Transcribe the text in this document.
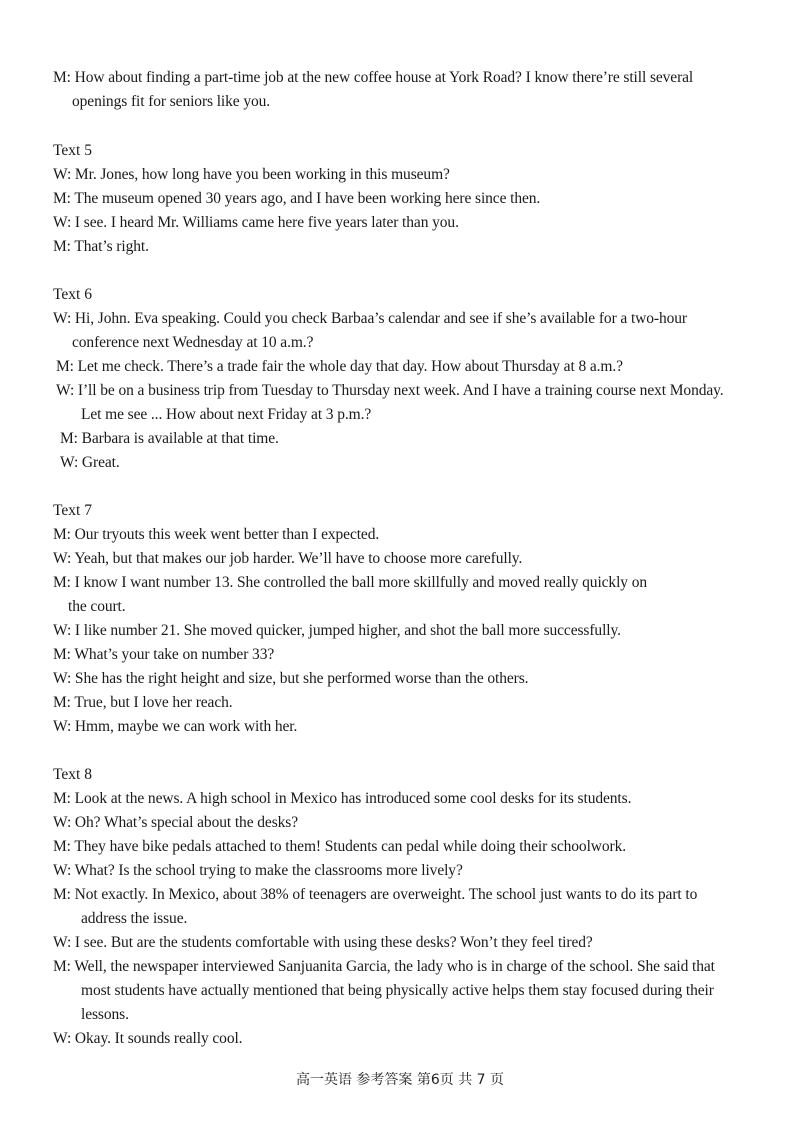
M: How about finding a part-time job at the new coffee house at York Road? I know there’re still several
openings fit for seniors like you.
Text 5
W: Mr. Jones, how long have you been working in this museum?
M: The museum opened 30 years ago, and I have been working here since then.
W: I see. I heard Mr. Williams came here five years later than you.
M: That’s right.
Text 6
W: Hi, John. Eva speaking. Could you check Barbaa’s calendar and see if she’s available for a two-hour
conference next Wednesday at 10 a.m.?
M: Let me check. There’s a trade fair the whole day that day. How about Thursday at 8 a.m.?
W: I’ll be on a business trip from Tuesday to Thursday next week. And I have a training course next Monday.
Let me see ... How about next Friday at 3 p.m.?
M: Barbara is available at that time.
W: Great.
Text 7
M: Our tryouts this week went better than I expected.
W: Yeah, but that makes our job harder. We’ll have to choose more carefully.
M: I know I want number 13. She controlled the ball more skillfully and moved really quickly on
the court.
W: I like number 21. She moved quicker, jumped higher, and shot the ball more successfully.
M: What’s your take on number 33?
W: She has the right height and size, but she performed worse than the others.
M: True, but I love her reach.
W: Hmm, maybe we can work with her.
Text 8
M: Look at the news. A high school in Mexico has introduced some cool desks for its students.
W: Oh? What’s special about the desks?
M: They have bike pedals attached to them! Students can pedal while doing their schoolwork.
W: What? Is the school trying to make the classrooms more lively?
M: Not exactly. In Mexico, about 38% of teenagers are overweight. The school just wants to do its part to
address the issue.
W: I see. But are the students comfortable with using these desks? Won’t they feel tired?
M: Well, the newspaper interviewed Sanjuanita Garcia, the lady who is in charge of the school. She said that
most students have actually mentioned that being physically active helps them stay focused during their
lessons.
W: Okay. It sounds really cool.
高一英语 参考答案 第6页 共 7 页
